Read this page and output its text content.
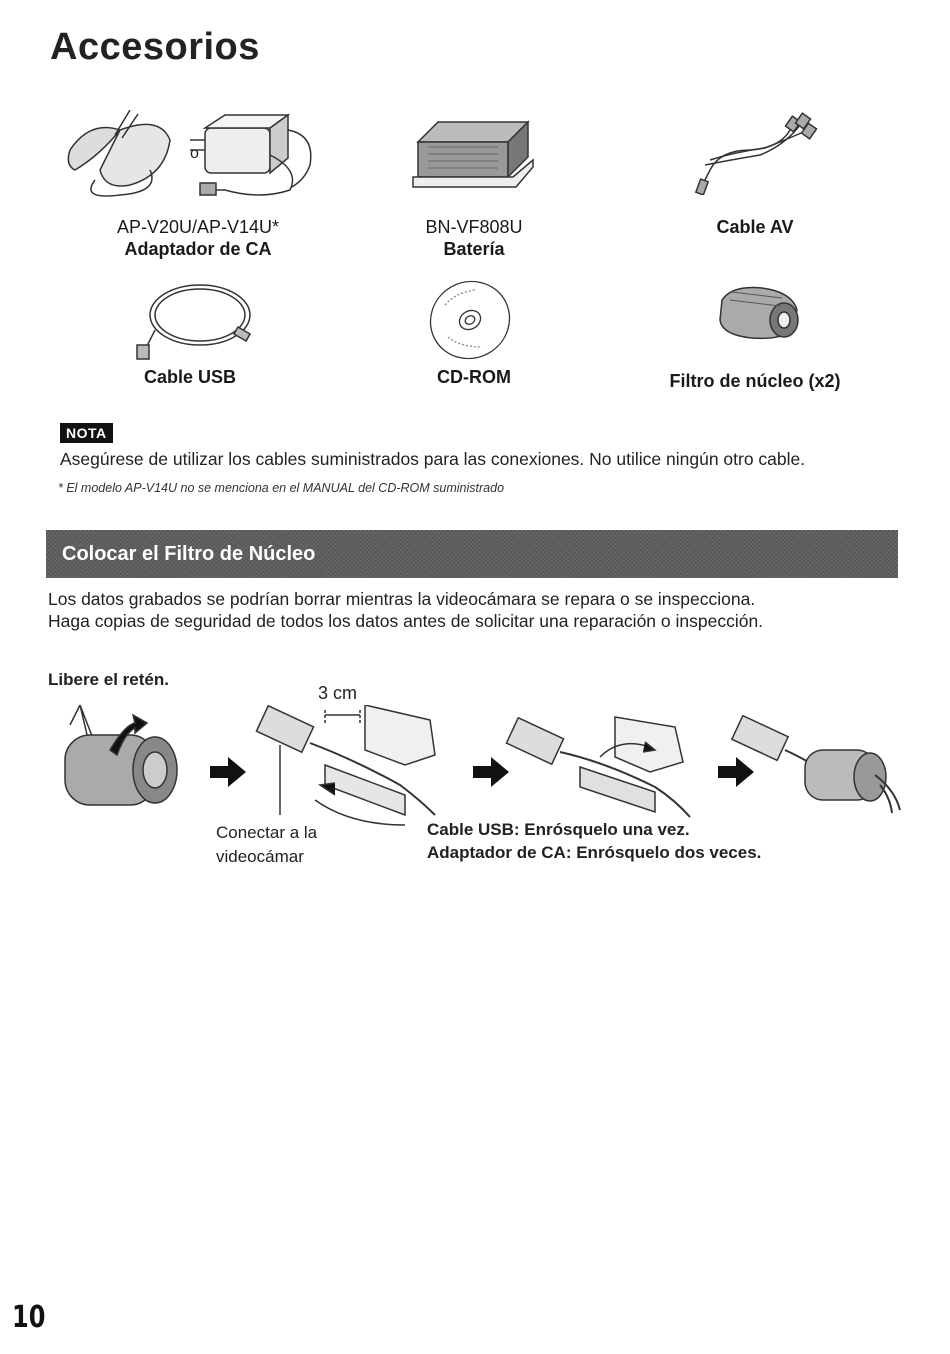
Accesorios
o
AP-V20U/AP-V14U*
Adaptador de CA
BN-VF808U
Batería
Cable AV
Cable USB	CD-ROM	Filtro de núcleo (x2)
NOTA
Asegúrese de utilizar los cables suministrados para las conexiones. No utilice ningún otro cable.
* El modelo AP-V14U no se menciona en el MANUAL del CD-ROM suministrado
Colocar el Filtro de Núcleo
Los datos grabados se podrían borrar mientras la videocámara se repara o se inspecciona.
Haga copias de seguridad de todos los datos antes de solicitar una reparación o inspección.
Libere el retén.
3 cm
Conectar a la
videocámar
Cable USB: Enrósquelo una vez.
Adaptador de CA: Enrósquelo dos veces.
10
